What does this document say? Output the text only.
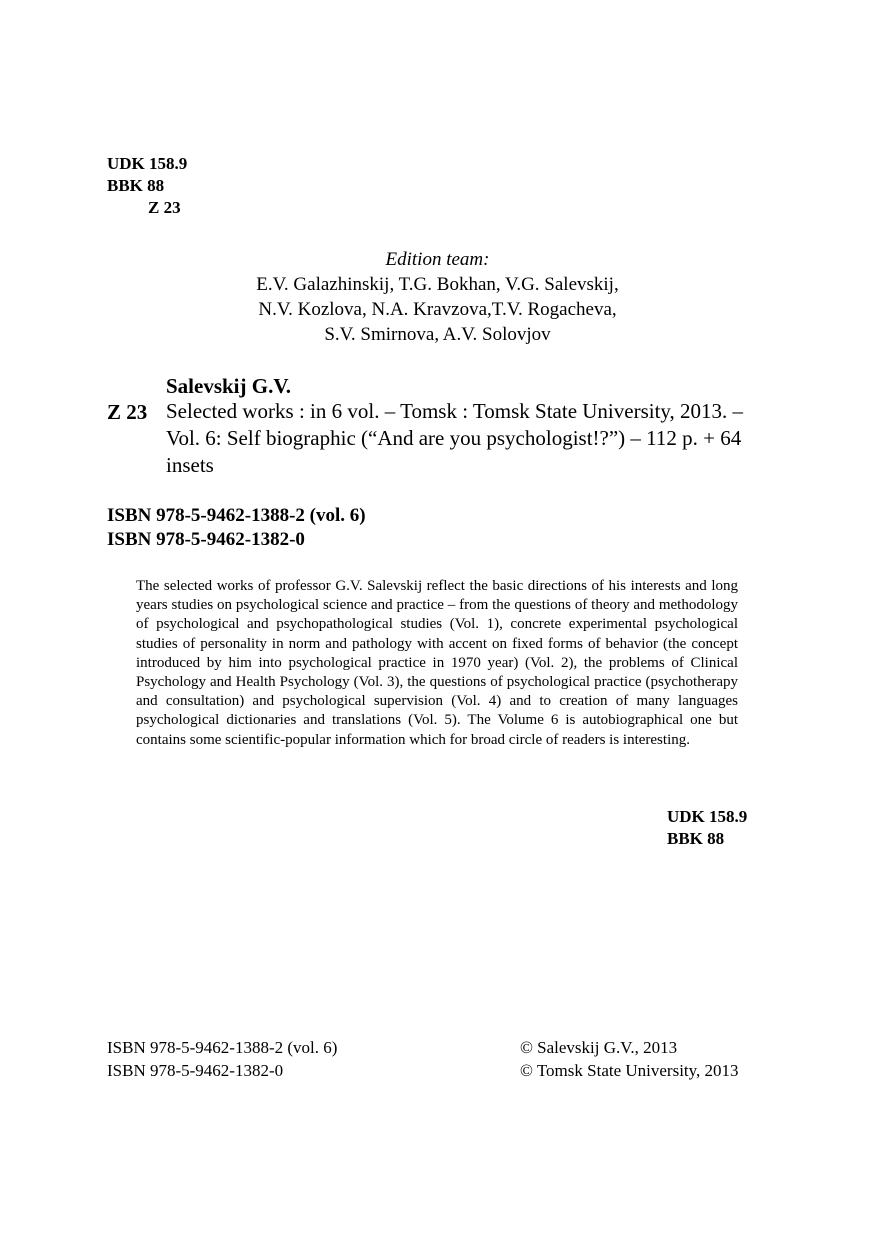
UDK 158.9
BBK 88
Z 23
Edition team:
E.V. Galazhinskij, T.G. Bokhan, V.G. Salevskij,
N.V. Kozlova, N.A. Kravzova,T.V. Rogacheva,
S.V. Smirnova, A.V. Solovjov
Salevskij G.V.
Z 23 Selected works : in 6 vol. – Tomsk : Tomsk State University, 2013. – Vol. 6: Self biographic (“And are you psychologist!?”) – 112 p. + 64 insets
ISBN 978-5-9462-1388-2 (vol. 6)
ISBN 978-5-9462-1382-0
The selected works of professor G.V. Salevskij reflect the basic directions of his interests and long years studies on psychological science and practice – from the questions of theory and methodology of psychological and psychopathological studies (Vol. 1), concrete experimental psychological studies of personality in norm and pathology with accent on fixed forms of behavior (the concept introduced by him into psychological practice in 1970 year) (Vol. 2), the problems of Clinical Psychology and Health Psychology (Vol. 3), the questions of psychological practice (psychotherapy and consultation) and psychological supervision (Vol. 4) and to creation of many languages psychological dictionaries and translations (Vol. 5). The Volume 6 is autobiographical one but contains some scientific-popular information which for broad circle of readers is interesting.
UDK 158.9
BBK 88
ISBN 978-5-9462-1388-2 (vol. 6)
ISBN 978-5-9462-1382-0
© Salevskij G.V., 2013
© Tomsk State University, 2013
